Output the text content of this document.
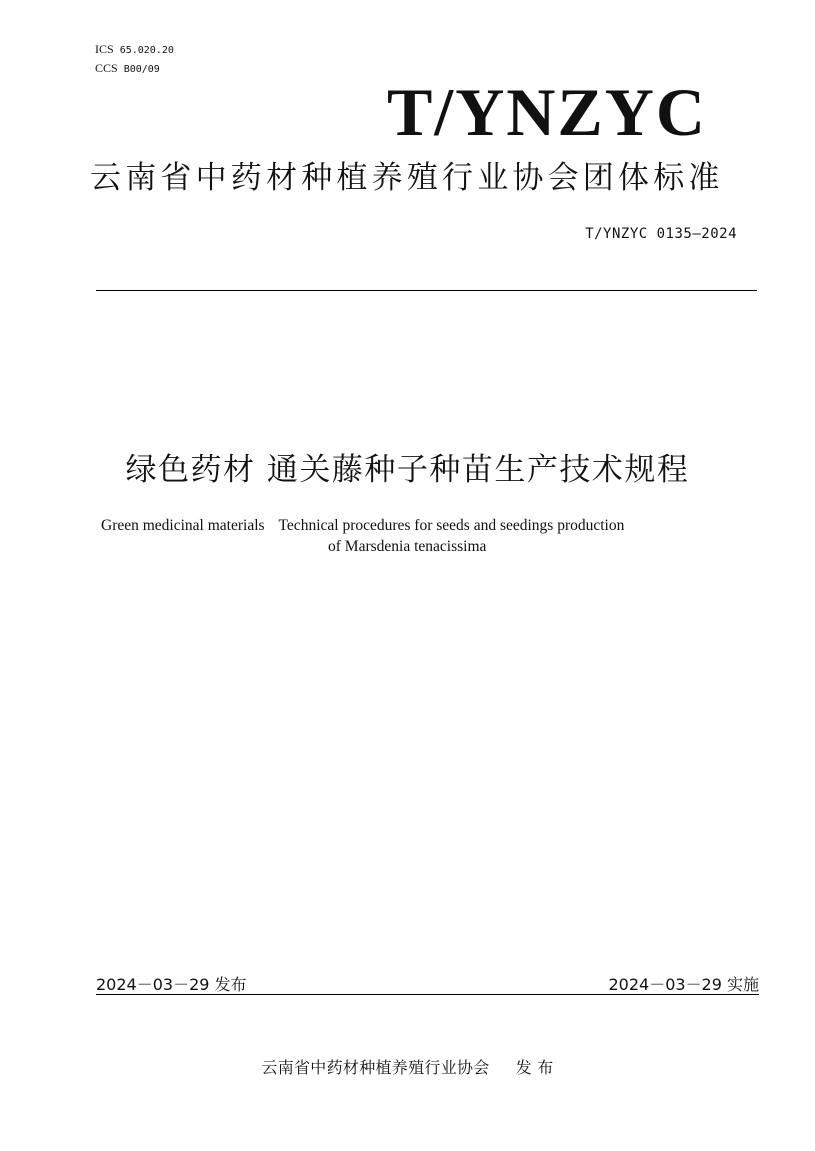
ICS 65.020.20
CCS B00/09
T/YNZYC
云南省中药材种植养殖行业协会团体标准
T/YNZYC 0135—2024
绿色药材 通关藤种子种苗生产技术规程
Green medicinal materials Technical procedures for seeds and seedings production
of Marsdenia tenacissima
2024－03－29 发布	2024－03－29 实施
云南省中药材种植养殖行业协会 发 布
